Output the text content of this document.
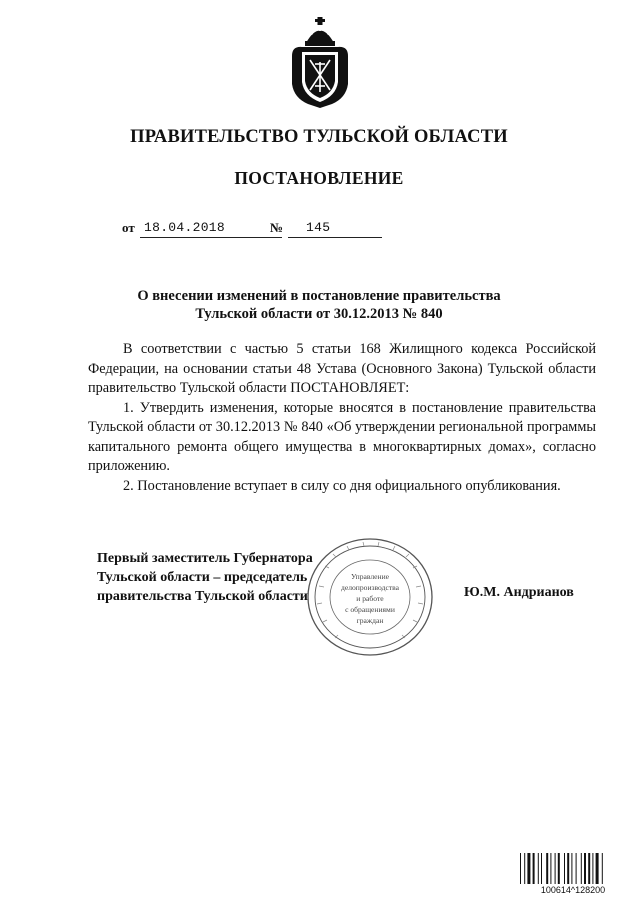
ПРАВИТЕЛЬСТВО ТУЛЬСКОЙ ОБЛАСТИ
ПОСТАНОВЛЕНИЕ
от 18.04.2018	№ 145
О внесении изменений в постановление правительства
Тульской области от 30.12.2013 № 840

В соответствии с частью 5 статьи 168 Жилищного кодекса Российской Федерации, на основании статьи 48 Устава (Основного Закона) Тульской области правительство Тульской области ПОСТАНОВЛЯЕТ:

1. Утвердить изменения, которые вносятся в постановление правительства Тульской области от 30.12.2013 № 840 «Об утверждении региональной программы капитального ремонта общего имущества в многоквартирных домах», согласно приложению.

2. Постановление вступает в силу со дня официального опубликования.

Первый заместитель Губернатора
Тульской области – председатель
правительства Тульской области
Управление
делопроизводства
и работе
с обращениями
граждан
Ю.М. Андрианов
100614^128200
